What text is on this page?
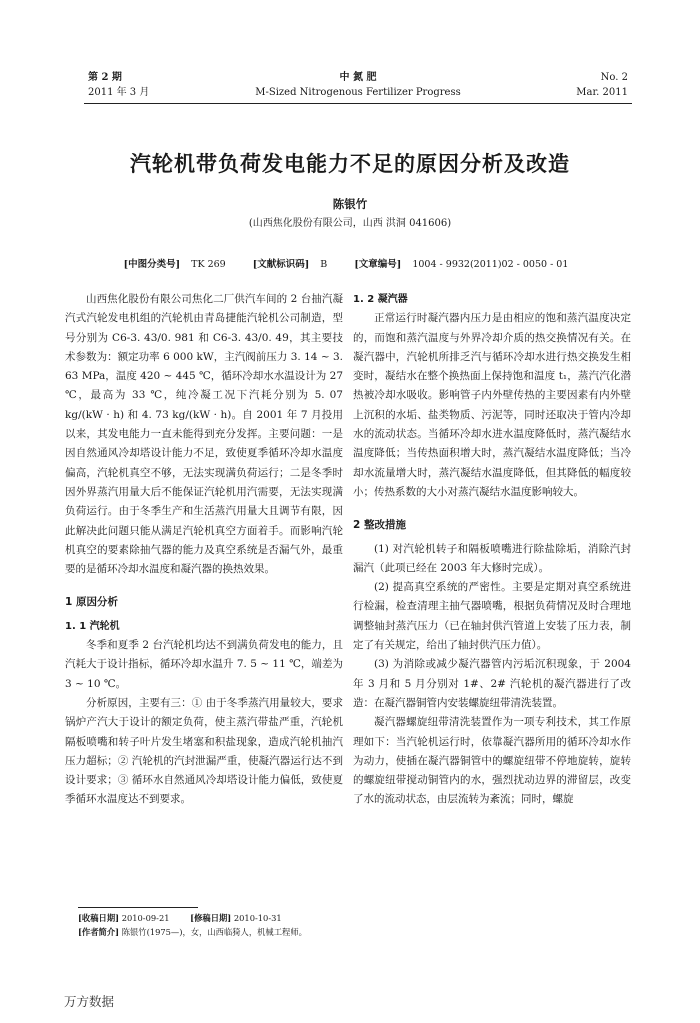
第 2 期	中 氮 肥	No. 2
2011 年 3 月	M-Sized Nitrogenous Fertilizer Progress	Mar. 2011
汽轮机带负荷发电能力不足的原因分析及改造
陈银竹
(山西焦化股份有限公司，山西 洪洞 041606)
[中图分类号] TK 269	[文献标识码] B	[文章编号] 1004 - 9932(2011)02 - 0050 - 01

山西焦化股份有限公司焦化二厂供汽车间的 2 台抽汽凝汽式汽轮发电机组的汽轮机由青岛捷能汽轮机公司制造，型号分别为 C6-3. 43/0. 981 和 C6-3. 43/0. 49，其主要技术参数为：额定功率 6 000 kW，主汽阀前压力 3. 14 ~ 3. 63 MPa，温度 420 ~ 445 ℃，循环冷却水水温设计为 27 ℃，最高为 33 ℃，纯冷凝工况下汽耗分别为 5. 07 kg/(kW · h) 和 4. 73 kg/(kW · h)。自 2001 年 7 月投用以来，其发电能力一直未能得到充分发挥。主要问题：一是因自然通风冷却塔设计能力不足，致使夏季循环冷却水温度偏高，汽轮机真空不够，无法实现满负荷运行；二是冬季时因外界蒸汽用量大后不能保证汽轮机用汽需要，无法实现满负荷运行。由于冬季生产和生活蒸汽用量大且调节有限，因此解决此问题只能从满足汽轮机真空方面着手。而影响汽轮机真空的要素除抽气器的能力及真空系统是否漏气外，最重要的是循环冷却水温度和凝汽器的换热效果。

1 原因分析
1. 1 汽轮机

冬季和夏季 2 台汽轮机均达不到满负荷发电的能力，且汽耗大于设计指标，循环冷却水温升 7. 5 ~ 11 ℃，端差为 3 ~ 10 ℃。

分析原因，主要有三：① 由于冬季蒸汽用量较大，要求锅炉产汽大于设计的额定负荷，使主蒸汽带盐严重，汽轮机隔板喷嘴和转子叶片发生堵塞和积盐现象，造成汽轮机抽汽压力超标；② 汽轮机的汽封泄漏严重，使凝汽器运行达不到设计要求；③ 循环水自然通风冷却塔设计能力偏低，致使夏季循环水温度达不到要求。

1. 2 凝汽器

正常运行时凝汽器内压力是由相应的饱和蒸汽温度决定的，而饱和蒸汽温度与外界冷却介质的热交换情况有关。在凝汽器中，汽轮机所排乏汽与循环冷却水进行热交换发生相变时，凝结水在整个换热面上保持饱和温度 t₁，蒸汽汽化潜热被冷却水吸收。影响管子内外壁传热的主要因素有内外壁上沉积的水垢、盐类物质、污泥等，同时还取决于管内冷却水的流动状态。当循环冷却水进水温度降低时，蒸汽凝结水温度降低；当传热面积增大时，蒸汽凝结水温度降低；当冷却水流量增大时，蒸汽凝结水温度降低，但其降低的幅度较小；传热系数的大小对蒸汽凝结水温度影响较大。

2 整改措施

(1) 对汽轮机转子和隔板喷嘴进行除盐除垢，消除汽封漏汽（此项已经在 2003 年大修时完成）。

(2) 提高真空系统的严密性。主要是定期对真空系统进行检漏，检查清理主抽气器喷嘴，根据负荷情况及时合理地调整轴封蒸汽压力（已在轴封供汽管道上安装了压力表，制定了有关规定，给出了轴封供汽压力值）。

(3) 为消除或减少凝汽器管内污垢沉积现象，于 2004 年 3 月和 5 月分别对 1#、2# 汽轮机的凝汽器进行了改造：在凝汽器铜管内安装螺旋纽带清洗装置。

凝汽器螺旋纽带清洗装置作为一项专利技术，其工作原理如下：当汽轮机运行时，依靠凝汽器所用的循环冷却水作为动力，使插在凝汽器铜管中的螺旋纽带不停地旋转，旋转的螺旋纽带搅动铜管内的水，强烈扰动边界的滞留层，改变了水的流动状态，由层流转为紊流；同时，螺旋

[收稿日期] 2010-09-21 [修稿日期] 2010-10-31
[作者简介] 陈银竹(1975—)，女，山西临猗人，机械工程师。
万方数据
